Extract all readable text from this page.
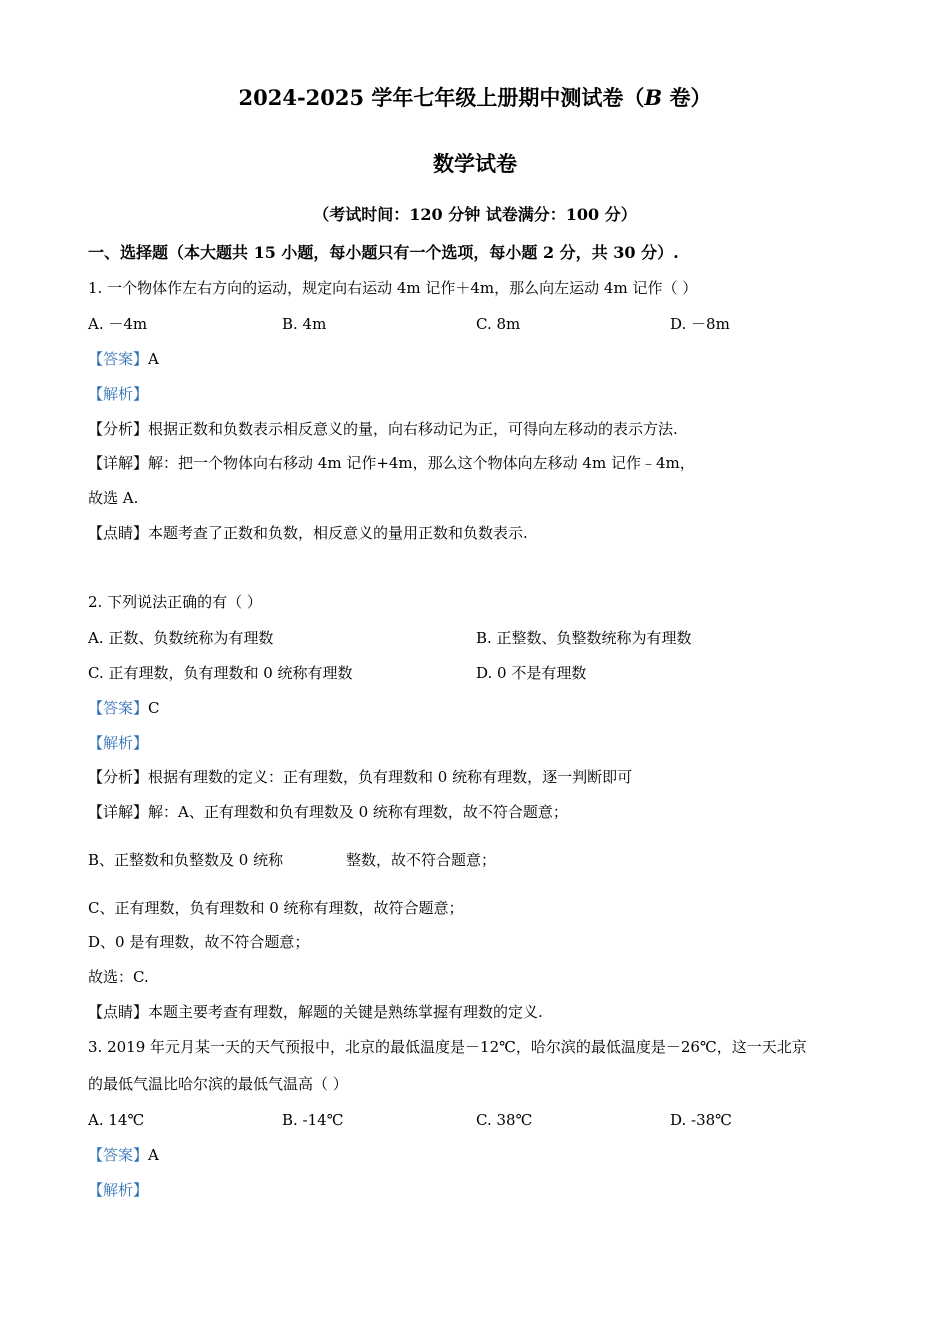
2024-2025 学年七年级上册期中测试卷（B 卷）
数学试卷
（考试时间：120 分钟 试卷满分：100 分）
一、选择题（本大题共 15 小题，每小题只有一个选项，每小题 2 分，共 30 分）.
1. 一个物体作左右方向的运动，规定向右运动 4m 记作＋4m，那么向左运动 4m 记作（ ）
A. －4m	B. 4m	C. 8m	D. －8m
【答案】A
【解析】
【分析】根据正数和负数表示相反意义的量，向右移动记为正，可得向左移动的表示方法.
【详解】解：把一个物体向右移动 4m 记作+4m，那么这个物体向左移动 4m 记作﹣4m，
故选 A.
【点睛】本题考查了正数和负数，相反意义的量用正数和负数表示.
2. 下列说法正确的有（ ）
A. 正数、负数统称为有理数	B. 正整数、负整数统称为有理数
C. 正有理数，负有理数和 0 统称有理数	D. 0 不是有理数
【答案】C
【解析】
【分析】根据有理数的定义：正有理数，负有理数和 0 统称有理数，逐一判断即可
【详解】解：A、正有理数和负有理数及 0 统称有理数，故不符合题意；
B、正整数和负整数及 0 统称	整数，故不符合题意；
C、正有理数，负有理数和 0 统称有理数，故符合题意；
D、0 是有理数，故不符合题意；
故选：C.
【点睛】本题主要考查有理数，解题的关键是熟练掌握有理数的定义.
3. 2019 年元月某一天的天气预报中，北京的最低温度是－12℃，哈尔滨的最低温度是－26℃，这一天北京
的最低气温比哈尔滨的最低气温高（ ）
A. 14℃	B. -14℃	C. 38℃	D. -38℃
【答案】A
【解析】
